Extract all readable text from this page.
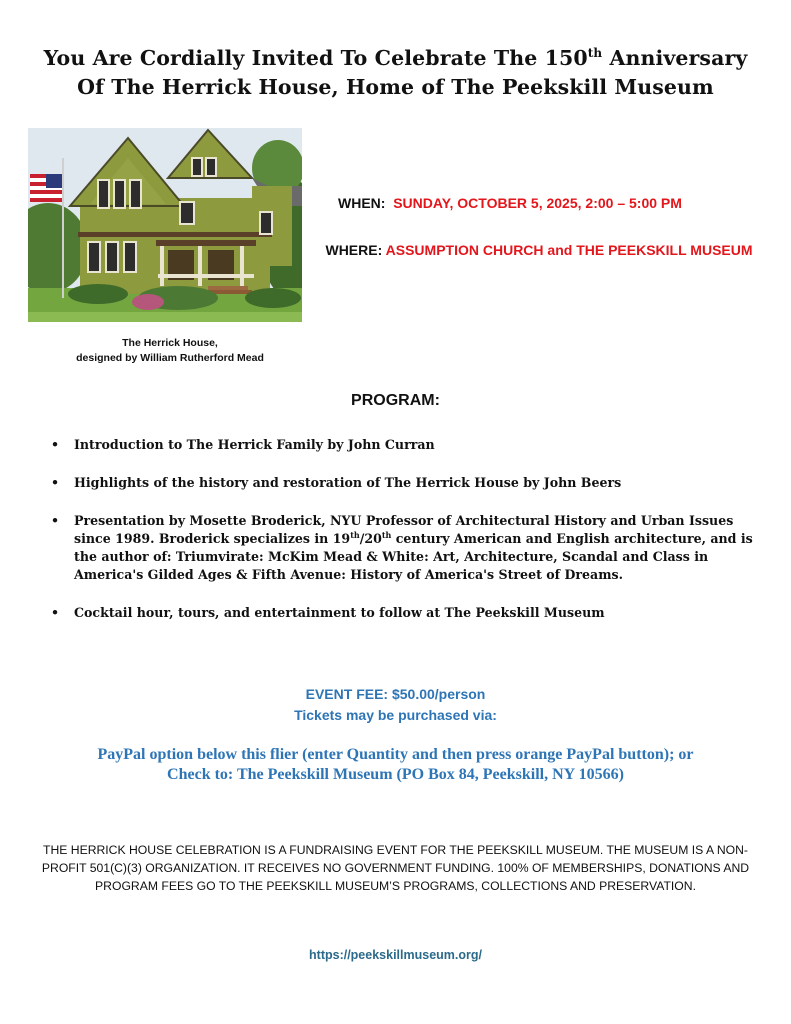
You Are Cordially Invited To Celebrate The 150th Anniversary
Of The Herrick House, Home of The Peekskill Museum
The Herrick House,
designed by William Rutherford Mead
WHEN: SUNDAY, OCTOBER 5, 2025, 2:00 – 5:00 PM
WHERE: ASSUMPTION CHURCH and THE PEEKSKILL MUSEUM
PROGRAM:
• Introduction to The Herrick Family by John Curran
• Highlights of the history and restoration of The Herrick House by John Beers
• Presentation by Mosette Broderick, NYU Professor of Architectural History and Urban Issues since 1989. Broderick specializes in 19th/20th century American and English architecture, and is the author of: Triumvirate: McKim Mead & White: Art, Architecture, Scandal and Class in America's Gilded Ages & Fifth Avenue: History of America's Street of Dreams.
• Cocktail hour, tours, and entertainment to follow at The Peekskill Museum
EVENT FEE: $50.00/person
Tickets may be purchased via:
PayPal option below this flier (enter Quantity and then press orange PayPal button); or
Check to: The Peekskill Museum (PO Box 84, Peekskill, NY 10566)
THE HERRICK HOUSE CELEBRATION IS A FUNDRAISING EVENT FOR THE PEEKSKILL MUSEUM. THE MUSEUM IS A NON-PROFIT 501(C)(3) ORGANIZATION. IT RECEIVES NO GOVERNMENT FUNDING. 100% OF MEMBERSHIPS, DONATIONS AND PROGRAM FEES GO TO THE PEEKSKILL MUSEUM’S PROGRAMS, COLLECTIONS AND PRESERVATION.
https://peekskillmuseum.org/
